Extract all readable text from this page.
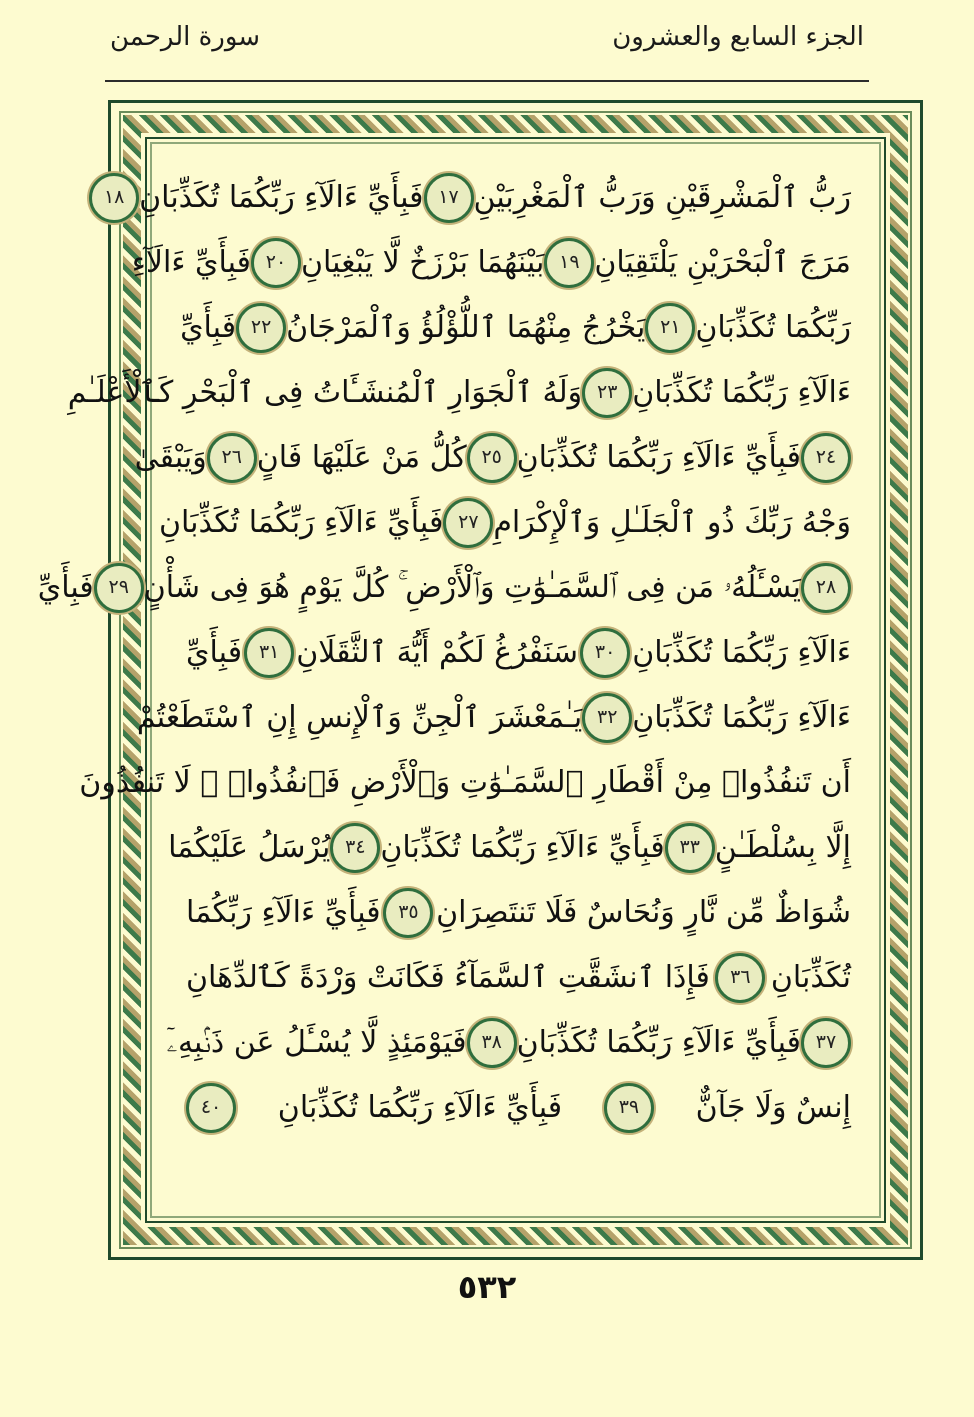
سورة الرحمن	الجزء السابع والعشرون
رَبُّ ٱلْمَشْرِقَيْنِ وَرَبُّ ٱلْمَغْرِبَيْنِ
١٧
فَبِأَيِّ ءَالَآءِ رَبِّكُمَا تُكَذِّبَانِ
١٨
مَرَجَ ٱلْبَحْرَيْنِ يَلْتَقِيَانِ
١٩
بَيْنَهُمَا بَرْزَخٌ لَّا يَبْغِيَانِ
٢٠
فَبِأَيِّ ءَالَآءِ
رَبِّكُمَا تُكَذِّبَانِ
٢١
يَخْرُجُ مِنْهُمَا ٱللُّؤْلُؤُ وَٱلْمَرْجَانُ
٢٢
فَبِأَيِّ
ءَالَآءِ رَبِّكُمَا تُكَذِّبَانِ
٢٣
وَلَهُ ٱلْجَوَارِ ٱلْمُنشَـَٔاتُ فِى ٱلْبَحْرِ كَٱلْأَعْلَـٰمِ
٢٤
فَبِأَيِّ ءَالَآءِ رَبِّكُمَا تُكَذِّبَانِ
٢٥
كُلُّ مَنْ عَلَيْهَا فَانٍ
٢٦
وَيَبْقَىٰ
وَجْهُ رَبِّكَ ذُو ٱلْجَلَـٰلِ وَٱلْإِكْرَامِ
٢٧
فَبِأَيِّ ءَالَآءِ رَبِّكُمَا تُكَذِّبَانِ
٢٨
يَسْـَٔلُهُۥ مَن فِى ٱلسَّمَـٰوَٰتِ وَٱلْأَرْضِ ۚ كُلَّ يَوْمٍ هُوَ فِى شَأْنٍ
٢٩
فَبِأَيِّ
ءَالَآءِ رَبِّكُمَا تُكَذِّبَانِ
٣٠
سَنَفْرُغُ لَكُمْ أَيُّهَ ٱلثَّقَلَانِ
٣١
فَبِأَيِّ
ءَالَآءِ رَبِّكُمَا تُكَذِّبَانِ
٣٢
يَـٰمَعْشَرَ ٱلْجِنِّ وَٱلْإِنسِ إِنِ ٱسْتَطَعْتُمْ
أَن تَنفُذُوا۟ مِنْ أَقْطَارِ ٱلسَّمَـٰوَٰتِ وَٱلْأَرْضِ فَٱنفُذُوا۟ ۚ لَا تَنفُذُونَ
إِلَّا بِسُلْطَـٰنٍ
٣٣
فَبِأَيِّ ءَالَآءِ رَبِّكُمَا تُكَذِّبَانِ
٣٤
يُرْسَلُ عَلَيْكُمَا
شُوَاظٌ مِّن نَّارٍ وَنُحَاسٌ فَلَا تَنتَصِرَانِ
٣٥
فَبِأَيِّ ءَالَآءِ رَبِّكُمَا
تُكَذِّبَانِ
٣٦
فَإِذَا ٱنشَقَّتِ ٱلسَّمَآءُ فَكَانَتْ وَرْدَةً كَٱلدِّهَانِ
٣٧
فَبِأَيِّ ءَالَآءِ رَبِّكُمَا تُكَذِّبَانِ
٣٨
فَيَوْمَئِذٍ لَّا يُسْـَٔلُ عَن ذَنۢبِهِۦٓ
إِنسٌ وَلَا جَآنٌّ
٣٩
فَبِأَيِّ ءَالَآءِ رَبِّكُمَا تُكَذِّبَانِ
٤٠
٥٣٢
